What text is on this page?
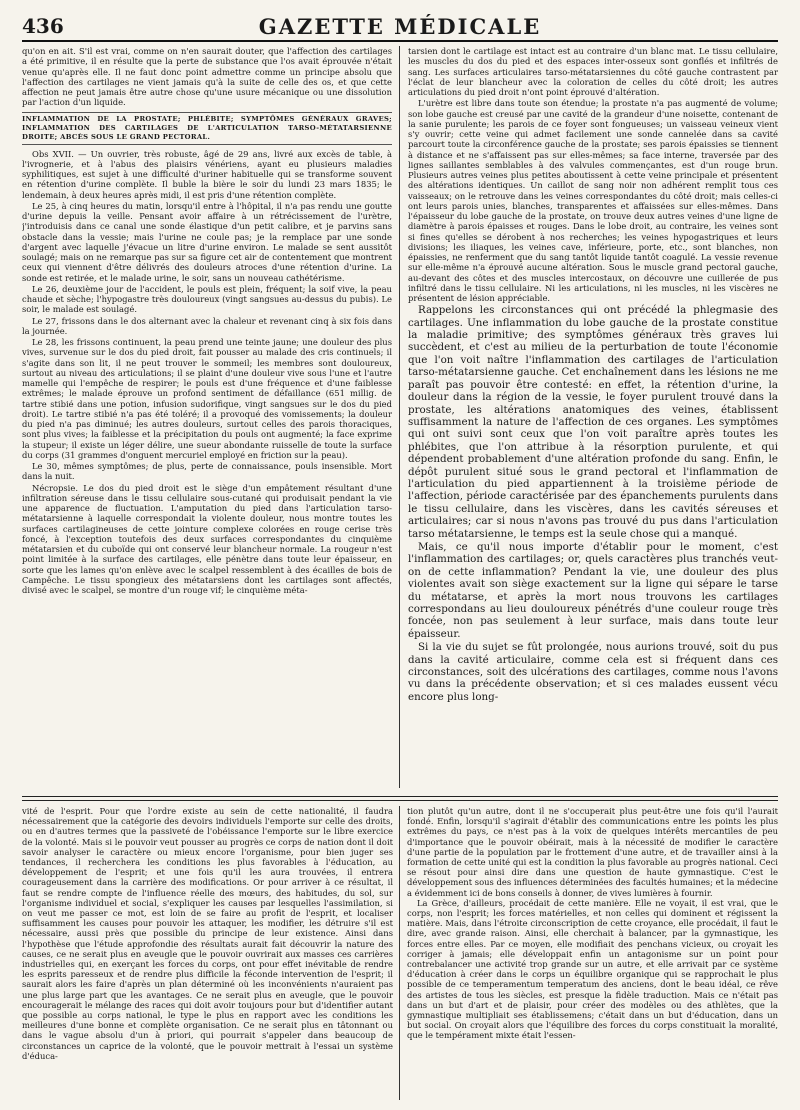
436	GAZETTE MÉDICALE

qu'on en ait. S'il est vrai, comme on n'en saurait douter, que l'affection des cartilages a été primitive, il en résulte que la perte de substance que l'os avait éprouvée n'était venue qu'après elle. Il ne faut donc point admettre comme un principe absolu que l'affection des cartilages ne vient jamais qu'à la suite de celle des os, et que cette affection ne peut jamais être autre chose qu'une usure mécanique ou une dissolution par l'action d'un liquide.

INFLAMMATION DE LA PROSTATE; PHLÉBITE; SYMPTÔMES GÉNÉRAUX GRAVES; INFLAMMATION DES CARTILAGES DE L'ARTICULATION TARSO-MÉTATARSIENNE DROITE; ABCÈS SOUS LE GRAND PECTORAL.

Obs XVII. — Un ouvrier, très robuste, âgé de 29 ans, livré aux excès de table, à l'ivrognerie, et à l'abus des plaisirs vénériens, ayant eu plusieurs maladies syphilitiques, est sujet à une difficulté d'uriner habituelle qui se transforme souvent en rétention d'urine complète. Il buble la bière le soir du lundi 23 mars 1835; le lendemain, à deux heures après midi, il est pris d'une rétention complète.

Le 25, à cinq heures du matin, lorsqu'il entre à l'hôpital, il n'a pas rendu une goutte d'urine depuis la veille. Pensant avoir affaire à un rétrécissement de l'urètre, j'introduisis dans ce canal une sonde élastique d'un petit calibre, et je parvins sans obstacle dans la vessie; mais l'urine ne coule pas; je la remplace par une sonde d'argent avec laquelle j'évacue un litre d'urine environ. Le malade se sent aussitôt soulagé; mais on ne remarque pas sur sa figure cet air de contentement que montrent ceux qui viennent d'être délivrés des douleurs atroces d'une rétention d'urine. La sonde est retirée, et le malade urine, le soir, sans un nouveau cathétérisme.

Le 26, deuxième jour de l'accident, le pouls est plein, fréquent; la soif vive, la peau chaude et sèche; l'hypogastre très douloureux (vingt sangsues au-dessus du pubis). Le soir, le malade est soulagé.

Le 27, frissons dans le dos alternant avec la chaleur et revenant cinq à six fois dans la journée.

Le 28, les frissons continuent, la peau prend une teinte jaune; une douleur des plus vives, survenue sur le dos du pied droit, fait pousser au malade des cris continuels; il s'agite dans son lit, il ne peut trouver le sommeil; les membres sont douloureux, surtout au niveau des articulations; il se plaint d'une douleur vive sous l'une et l'autre mamelle qui l'empêche de respirer; le pouls est d'une fréquence et d'une faiblesse extrêmes; le malade éprouve un profond sentiment de défaillance (651 millig. de tartre stibié dans une potion, infusion sudorifique, vingt sangsues sur le dos du pied droit). Le tartre stibié n'a pas été toléré; il a provoqué des vomissements; la douleur du pied n'a pas diminué; les autres douleurs, surtout celles des parois thoraciques, sont plus vives; la faiblesse et la précipitation du pouls ont augmenté; la face exprime la stupeur; il existe un léger délire, une sueur abondante ruisselle de toute la surface du corps (31 grammes d'onguent mercuriel employé en friction sur la peau).

Le 30, mêmes symptômes; de plus, perte de connaissance, pouls insensible. Mort dans la nuit.

Nécropsie. Le dos du pied droit est le siège d'un empâtement résultant d'une infiltration séreuse dans le tissu cellulaire sous-cutané qui produisait pendant la vie une apparence de fluctuation. L'amputation du pied dans l'articulation tarso-métatarsienne à laquelle correspondait la violente douleur, nous montre toutes les surfaces cartilagineuses de cette jointure complexe colorées en rouge cerise très foncé, à l'exception toutefois des deux surfaces correspondantes du cinquième métatarsien et du cuboïde qui ont conservé leur blancheur normale. La rougeur n'est point limitée à la surface des cartilages, elle pénètre dans toute leur épaisseur, en sorte que les lames qu'on enlève avec le scalpel ressemblent à des écailles de bois de Campêche. Le tissu spongieux des métatarsiens dont les cartilages sont affectés, divisé avec le scalpel, se montre d'un rouge vif; le cinquième méta-

tarsien dont le cartilage est intact est au contraire d'un blanc mat. Le tissu cellulaire, les muscles du dos du pied et des espaces inter-osseux sont gonflés et infiltrés de sang. Les surfaces articulaires tarso-métatarsiennes du côté gauche contrastent par l'éclat de leur blancheur avec la coloration de celles du côté droit; les autres articulations du pied droit n'ont point éprouvé d'altération.

L'urètre est libre dans toute son étendue; la prostate n'a pas augmenté de volume; son lobe gauche est creusé par une cavité de la grandeur d'une noisette, contenant de la sanie purulente; les parois de ce foyer sont fongueuses; un vaisseau veineux vient s'y ouvrir; cette veine qui admet facilement une sonde cannelée dans sa cavité parcourt toute la circonférence gauche de la prostate; ses parois épaissies se tiennent à distance et ne s'affaissent pas sur elles-mêmes; sa face interne, traversée par des lignes saillantes semblables à des valvules commençantes, est d'un rouge brun. Plusieurs autres veines plus petites aboutissent à cette veine principale et présentent des altérations identiques. Un caillot de sang noir non adhérent remplit tous ces vaisseaux; on le retrouve dans les veines correspondantes du côté droit; mais celles-ci ont leurs parois unies, blanches, transparentes et affaissées sur elles-mêmes. Dans l'épaisseur du lobe gauche de la prostate, on trouve deux autres veines d'une ligne de diamètre à parois épaisses et rouges. Dans le lobe droit, au contraire, les veines sont si fines qu'elles se dérobent à nos recherches; les veines hypogastriques et leurs divisions; les iliaques, les veines cave, inférieure, porte, etc., sont blanches, non épaissies, ne renferment que du sang tantôt liquide tantôt coagulé. La vessie revenue sur elle-même n'a éprouvé aucune altération. Sous le muscle grand pectoral gauche, au-devant des côtes et des muscles intercostaux, on découvre une cuillerée de pus infiltré dans le tissu cellulaire. Ni les articulations, ni les muscles, ni les viscères ne présentent de lésion appréciable.

Rappelons les circonstances qui ont précédé la phlegmasie des cartilages. Une inflammation du lobe gauche de la prostate constitue la maladie primitive; des symptômes généraux très graves lui succèdent, et c'est au milieu de la perturbation de toute l'économie que l'on voit naître l'inflammation des cartilages de l'articulation tarso-métatarsienne gauche. Cet enchaînement dans les lésions ne me paraît pas pouvoir être contesté: en effet, la rétention d'urine, la douleur dans la région de la vessie, le foyer purulent trouvé dans la prostate, les altérations anatomiques des veines, établissent suffisamment la nature de l'affection de ces organes. Les symptômes qui ont suivi sont ceux que l'on voit paraître après toutes les phlébites, que l'on attribue à la résorption purulente, et qui dépendent probablement d'une altération profonde du sang. Enfin, le dépôt purulent situé sous le grand pectoral et l'inflammation de l'articulation du pied appartiennent à la troisième période de l'affection, période caractérisée par des épanchements purulents dans le tissu cellulaire, dans les viscères, dans les cavités séreuses et articulaires; car si nous n'avons pas trouvé du pus dans l'articulation tarso métatarsienne, le temps est la seule chose qui a manqué.

Mais, ce qu'il nous importe d'établir pour le moment, c'est l'inflammation des cartilages; or, quels caractères plus tranchés veut-on de cette inflammation? Pendant la vie, une douleur des plus violentes avait son siège exactement sur la ligne qui sépare le tarse du métatarse, et après la mort nous trouvons les cartilages correspondans au lieu douloureux pénétrés d'une couleur rouge très foncée, non pas seulement à leur surface, mais dans toute leur épaisseur.

Si la vie du sujet se fût prolongée, nous aurions trouvé, soit du pus dans la cavité articulaire, comme cela est si fréquent dans ces circonstances, soit des ulcérations des cartilages, comme nous l'avons vu dans la précédente observation; et si ces malades eussent vécu encore plus long-

vité de l'esprit. Pour que l'ordre existe au sein de cette nationalité, il faudra nécessairement que la catégorie des devoirs individuels l'emporte sur celle des droits, ou en d'autres termes que la passiveté de l'obéissance l'emporte sur le libre exercice de la volonté. Mais si le pouvoir veut pousser au progrès ce corps de nation dont il doit savoir analyser le caractère ou mieux encore l'organisme, pour bien juger ses tendances, il recherchera les conditions les plus favorables à l'éducation, au développement de l'esprit; et une fois qu'il les aura trouvées, il entrera courageusement dans la carrière des modifications. Or pour arriver à ce résultat, il faut se rendre compte de l'influence réelle des mœurs, des habitudes, du sol, sur l'organisme individuel et social, s'expliquer les causes par lesquelles l'assimilation, si on veut me passer ce mot, est loin de se faire au profit de l'esprit, et localiser suffisamment les causes pour pouvoir les attaquer, les modifier, les détruire s'il est nécessaire, aussi près que possible du principe de leur existence. Ainsi dans l'hypothèse que l'étude approfondie des résultats aurait fait découvrir la nature des causes, ce ne serait plus en aveugle que le pouvoir ouvrirait aux masses ces carrières industrielles qui, en exerçant les forces du corps, ont pour effet inévitable de rendre les esprits paresseux et de rendre plus difficile la féconde intervention de l'esprit; il saurait alors les faire d'après un plan déterminé où les inconvénients n'auraient pas une plus large part que les avantages. Ce ne serait plus en aveugle, que le pouvoir encouragerait le mélange des races qui doit avoir toujours pour but d'identifier autant que possible au corps national, le type le plus en rapport avec les conditions les meilleures d'une bonne et complète organisation. Ce ne serait plus en tâtonnant ou dans le vague absolu d'un à priori, qui pourrait s'appeler dans beaucoup de circonstances un caprice de la volonté, que le pouvoir mettrait à l'essai un système d'éduca-

tion plutôt qu'un autre, dont il ne s'occuperait plus peut-être une fois qu'il l'aurait fondé. Enfin, lorsqu'il s'agirait d'établir des communications entre les points les plus extrêmes du pays, ce n'est pas à la voix de quelques intérêts mercantiles de peu d'importance que le pouvoir obéirait, mais à la nécessité de modifier le caractère d'une partie de la population par le frottement d'une autre, et de travailler ainsi à la formation de cette unité qui est la condition la plus favorable au progrès national. Ceci se résout pour ainsi dire dans une question de haute gymnastique. C'est le développement sous des influences déterminées des facultés humaines; et la médecine a évidemment ici de bons conseils à donner, de vives lumières à fournir.

La Grèce, d'ailleurs, procédait de cette manière. Elle ne voyait, il est vrai, que le corps, non l'esprit; les forces matérielles, et non celles qui dominent et régissent la matière. Mais, dans l'étroite circonscription de cette croyance, elle procédait, il faut le dire, avec grande raison. Ainsi, elle cherchait à balancer, par la gymnastique, les forces entre elles. Par ce moyen, elle modifiait des penchans vicieux, ou croyait les corriger à jamais; elle développait enfin un antagonisme sur un point pour contrebalancer une activité trop grande sur un autre, et elle arrivait par ce système d'éducation à créer dans le corps un équilibre organique qui se rapprochait le plus possible de ce temperamentum temperatum des anciens, dont le beau idéal, ce rêve des artistes de tous les siècles, est presque la fidèle traduction. Mais ce n'était pas dans un but d'art et de plaisir, pour créer des modèles ou des athlètes, que la gymnastique multipliait ses établissemens; c'était dans un but d'éducation, dans un but social. On croyait alors que l'équilibre des forces du corps constituait la moralité, que le tempérament mixte était l'essen-
